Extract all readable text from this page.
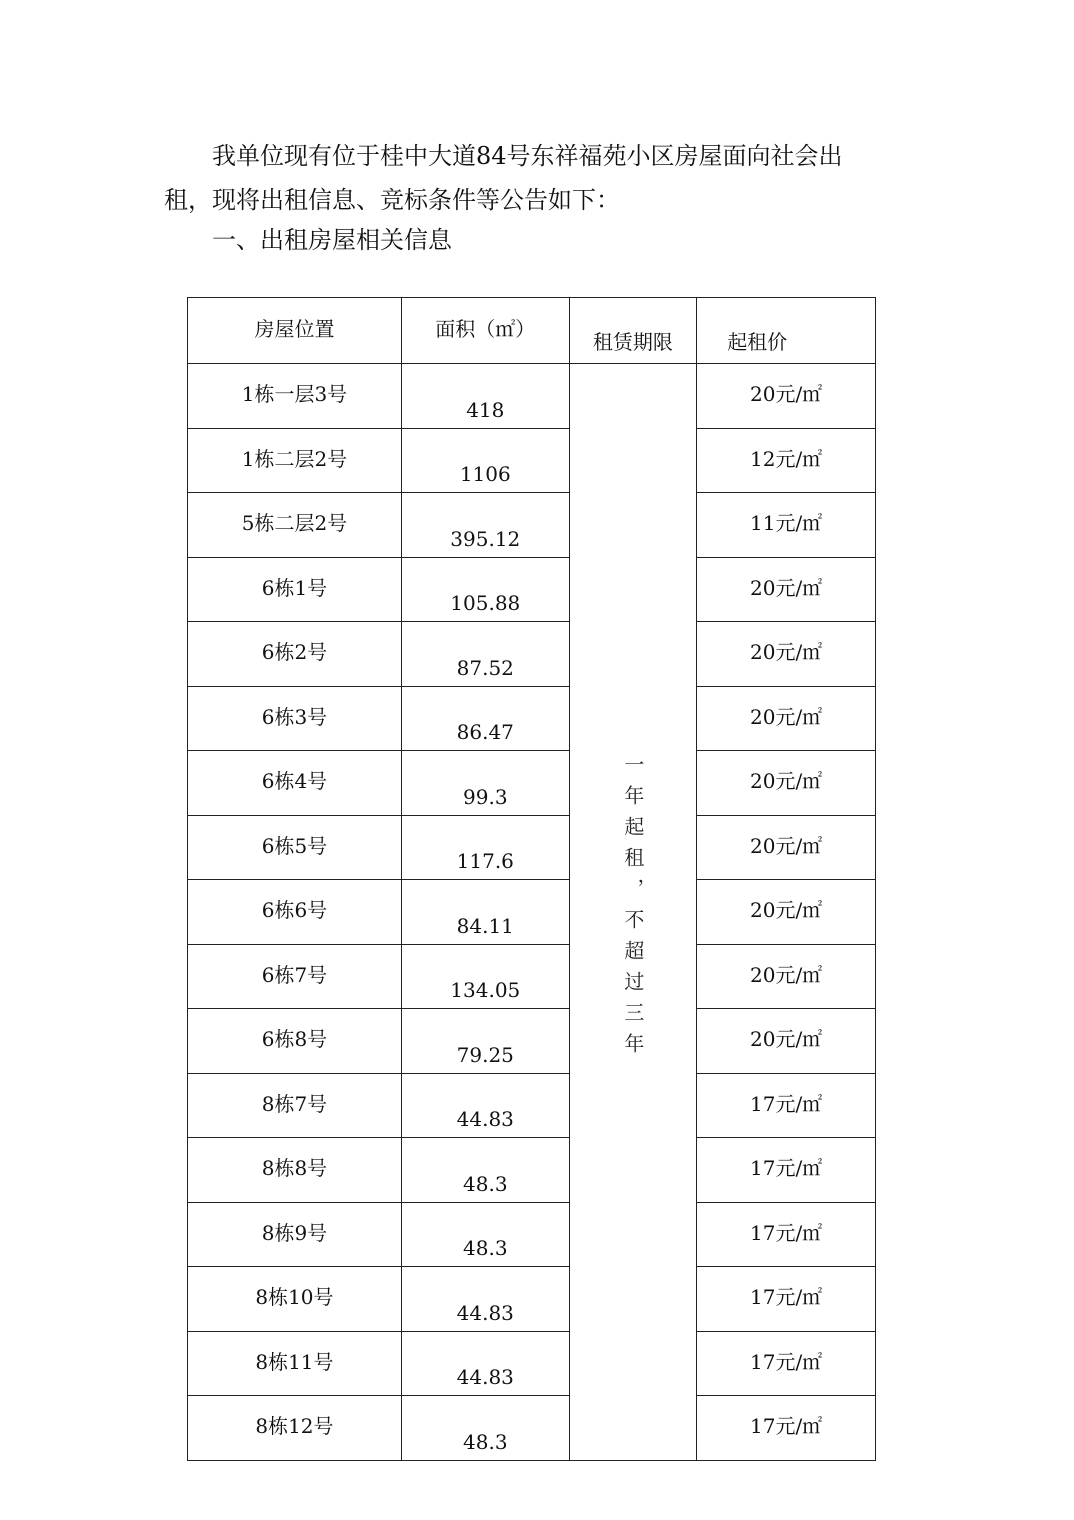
我单位现有位于桂中大道84号东祥福苑小区房屋面向社会出
租，现将出租信息、竞标条件等公告如下：

一、出租房屋相关信息

房屋位置	面积（㎡）	租赁期限	起租价
1栋一层3号	418	一年起租，不超过三年	20元/㎡
1栋二层2号	1106		12元/㎡
5栋二层2号	395.12		11元/㎡
6栋1号	105.88		20元/㎡
6栋2号	87.52		20元/㎡
6栋3号	86.47		20元/㎡
6栋4号	99.3		20元/㎡
6栋5号	117.6		20元/㎡
6栋6号	84.11		20元/㎡
6栋7号	134.05		20元/㎡
6栋8号	79.25		20元/㎡
8栋7号	44.83		17元/㎡
8栋8号	48.3		17元/㎡
8栋9号	48.3		17元/㎡
8栋10号	44.83		17元/㎡
8栋11号	44.83		17元/㎡
8栋12号	48.3		17元/㎡
